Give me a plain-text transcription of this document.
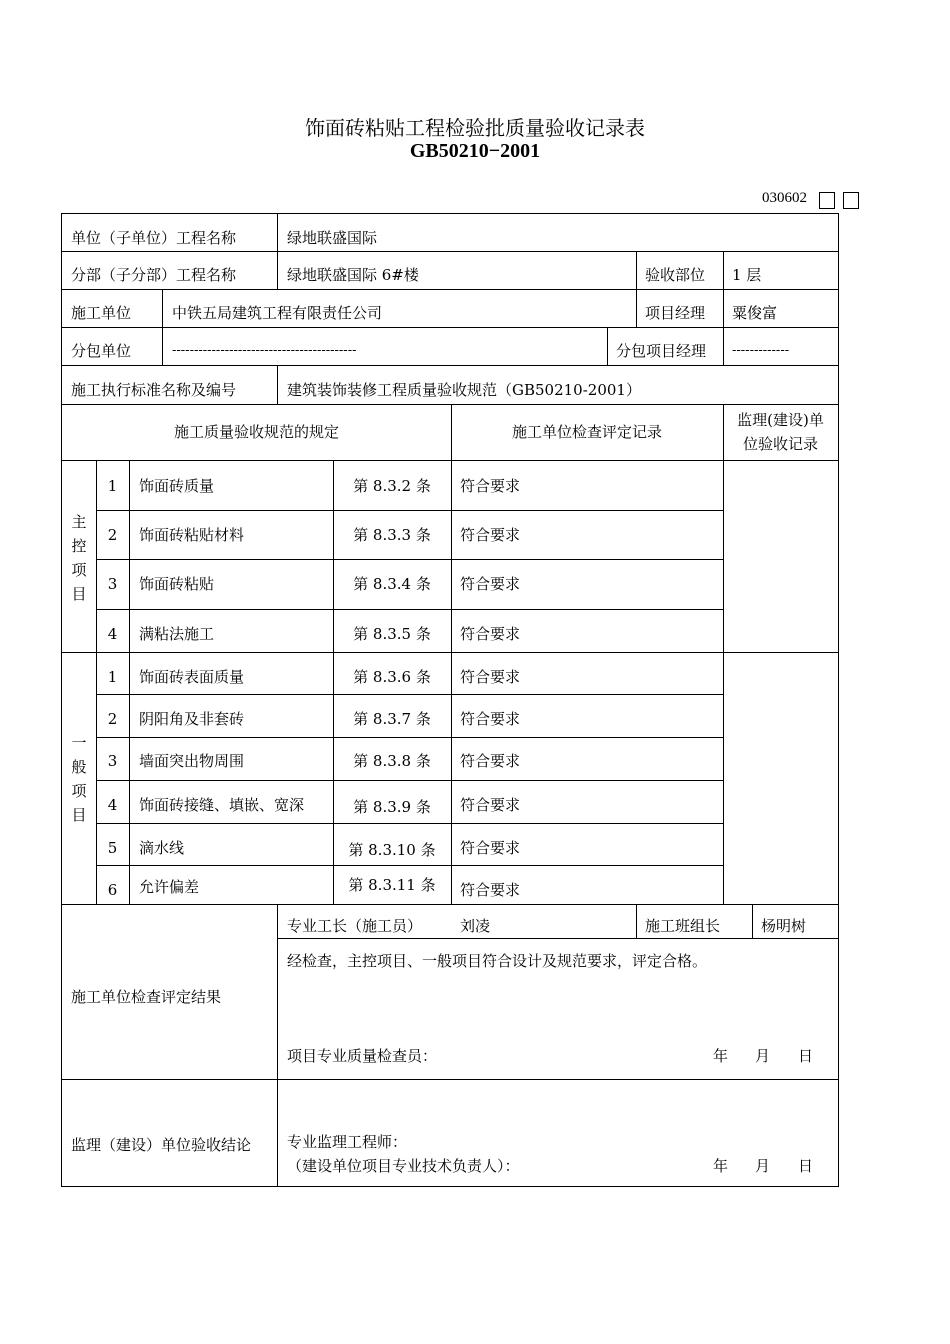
饰面砖粘贴工程检验批质量验收记录表
GB50210−2001
030602
单位（子单位）工程名称	绿地联盛国际
分部（子分部）工程名称	绿地联盛国际 6#楼	验收部位 1 层
施工单位	中铁五局建筑工程有限责任公司	项目经理 粟俊富
分包单位	------------------------------------------	分包项目经理 -------------
施工执行标准名称及编号	建筑装饰装修工程质量验收规范（GB50210-2001）
施工质量验收规范的规定	施工单位检查评定记录
监理(建设)单
位验收记录
主控项目
1	饰面砖质量	第 8.3.2 条	符合要求
2	饰面砖粘贴材料	第 8.3.3 条	符合要求
3	饰面砖粘贴	第 8.3.4 条	符合要求
4	满粘法施工	第 8.3.5 条	符合要求
一般项目
1	饰面砖表面质量	第 8.3.6 条	符合要求
2	阴阳角及非套砖	第 8.3.7 条	符合要求
3	墙面突出物周围	第 8.3.8 条	符合要求
4	饰面砖接缝、填嵌、宽深	第 8.3.9 条	符合要求
5	滴水线	第 8.3.10 条	符合要求
6	允许偏差	第 8.3.11 条	符合要求
施工单位检查评定结果
专业工长（施工员）	刘凌	施工班组长	杨明树
经检查，主控项目、一般项目符合设计及规范要求，评定合格。
项目专业质量检查员：	年 月 日
监理（建设）单位验收结论 专业监理工程师：
（建设单位项目专业技术负责人）：	年 月 日
